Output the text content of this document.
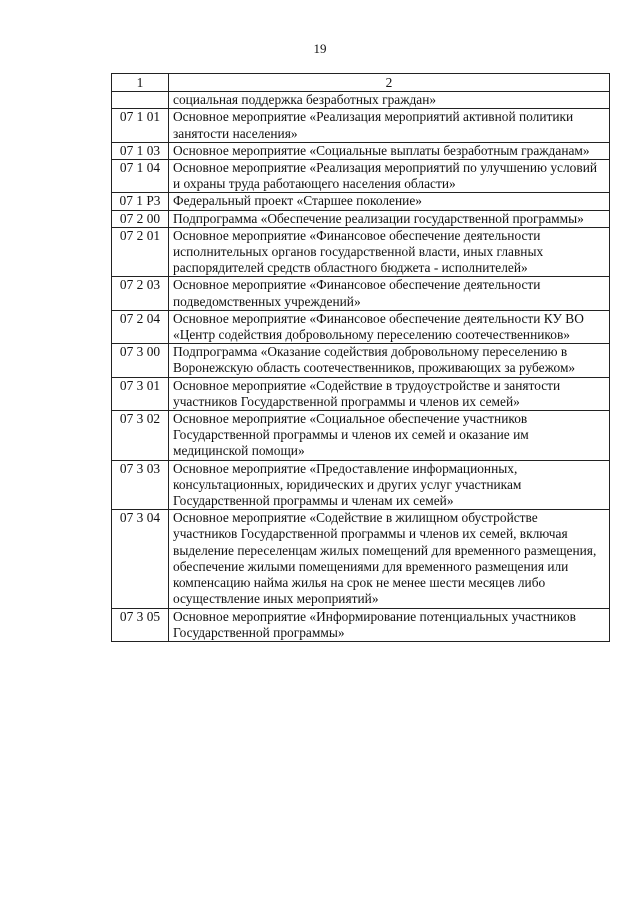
19
1	2
	социальная поддержка безработных граждан»
07 1 01	Основное мероприятие «Реализация мероприятий активной политики занятости населения»
07 1 03	Основное мероприятие «Социальные выплаты безработным гражданам»
07 1 04	Основное мероприятие «Реализация мероприятий по улучшению условий и охраны труда работающего населения области»
07 1 P3	Федеральный проект «Старшее поколение»
07 2 00	Подпрограмма «Обеспечение реализации государственной программы»
07 2 01	Основное мероприятие «Финансовое обеспечение деятельности исполнительных органов государственной власти, иных главных распорядителей средств областного бюджета - исполнителей»
07 2 03	Основное мероприятие «Финансовое обеспечение деятельности подведомственных учреждений»
07 2 04	Основное мероприятие «Финансовое обеспечение деятельности КУ ВО «Центр содействия добровольному переселению соотечественников»
07 3 00	Подпрограмма «Оказание содействия добровольному переселению в Воронежскую область соотечественников, проживающих за рубежом»
07 3 01	Основное мероприятие «Содействие в трудоустройстве и занятости участников Государственной программы и членов их семей»
07 3 02	Основное мероприятие «Социальное обеспечение участников Государственной программы и членов их семей и оказание им медицинской помощи»
07 3 03	Основное мероприятие «Предоставление информационных, консультационных, юридических и других услуг участникам Государственной программы и членам их семей»
07 3 04	Основное мероприятие «Содействие в жилищном обустройстве участников Государственной программы и членов их семей, включая выделение переселенцам жилых помещений для временного размещения, обеспечение жилыми помещениями для временного размещения или компенсацию найма жилья на срок не менее шести месяцев либо осуществление иных мероприятий»
07 3 05	Основное мероприятие «Информирование потенциальных участников Государственной программы»
